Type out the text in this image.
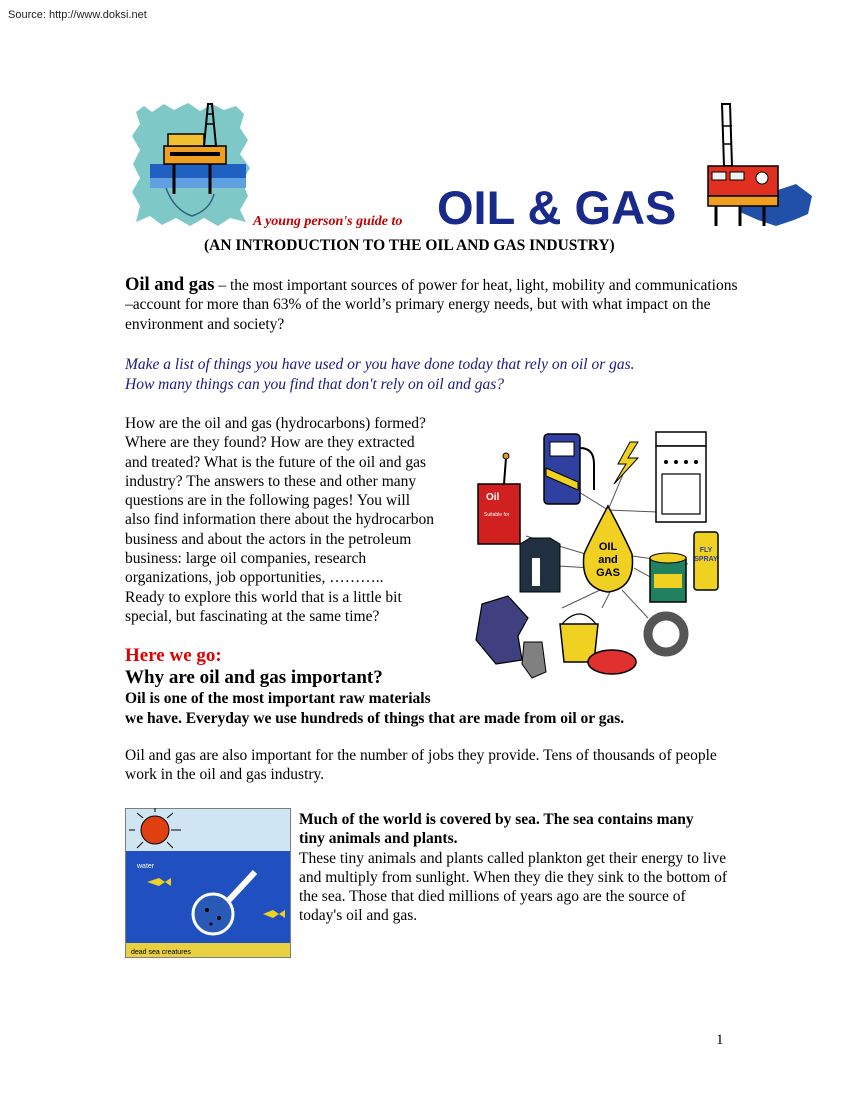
Source: http://www.doksi.net
A young person's guide to OIL & GAS
(AN INTRODUCTION TO THE OIL AND GAS INDUSTRY)
Oil and gas – the most important sources of power for heat, light, mobility and communications –account for more than 63% of the world’s primary energy needs, but with what impact on the environment and society?
Make a list of things you have used or you have done today that rely on oil or gas.
How many things can you find that don't rely on oil and gas?
How are the oil and gas (hydrocarbons) formed?
Where are they found? How are they extracted
and treated? What is the future of the oil and gas
industry? The answers to these and other many
questions are in the following pages! You will
also find information there about the hydrocarbon
business and about the actors in the petroleum
business: large oil companies, research
organizations, job opportunities, ………..
Ready to explore this world that is a little bit
special, but fascinating at the same time?
OIL
and
GAS
Oil
Suitable for
FLY
SPRAY
Here we go:
Why are oil and gas important?
Oil is one of the most important raw materials
we have. Everyday we use hundreds of things that are made from oil or gas.
Oil and gas are also important for the number of jobs they provide. Tens of thousands of people work in the oil and gas industry.
water
dead sea creatures
Much of the world is covered by sea. The sea contains many
tiny animals and plants.
These tiny animals and plants called plankton get their energy to live and multiply from sunlight. When they die they sink to the bottom of the sea. Those that died millions of years ago are the source of today's oil and gas.
1
